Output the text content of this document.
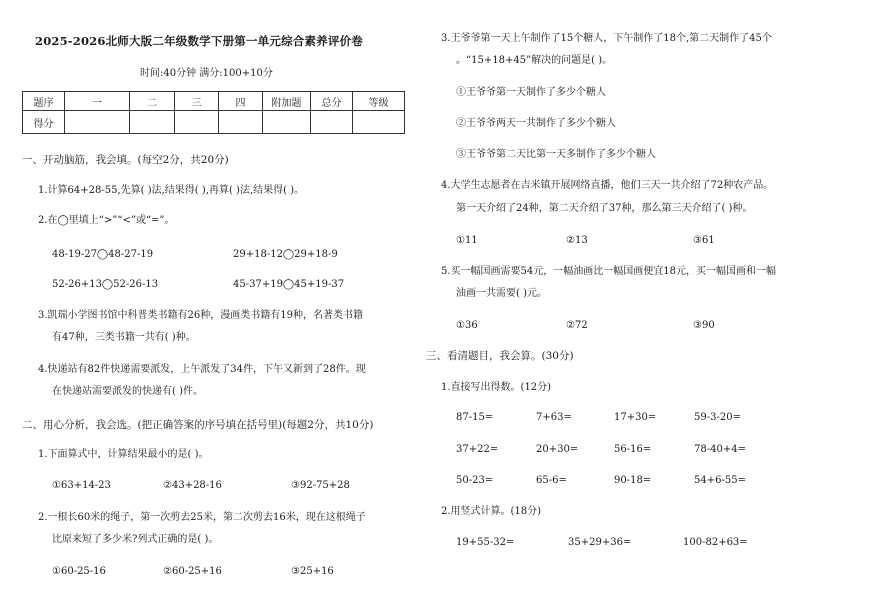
2025-2026北师大版二年级数学下册第一单元综合素养评价卷
时间:40分钟 满分:100+10分
题序	一	二	三	四	附加题	总分	等级
得分							
一、开动脑筋，我会填。(每空2分，共20分)
1.计算64+28-55,先算( )法,结果得( ),再算( )法,结果得( )。
2.在◯里填上“>”“<”或“=”。
48-19-27◯48-27-19	29+18-12◯29+18-9
52-26+13◯52-26-13	45-37+19◯45+19-37
3.凯瑞小学图书馆中科普类书籍有26种，漫画类书籍有19种，名著类书籍
有47种，三类书籍一共有( )种。
4.快递站有82件快递需要派发，上午派发了34件，下午又新到了28件。现
在快递站需要派发的快递有( )件。
二、用心分析，我会选。(把正确答案的序号填在括号里)(每题2分，共10分)
1.下面算式中，计算结果最小的是( )。
①63+14-23	②43+28-16	③92-75+28
2.一根长60米的绳子，第一次剪去25米，第二次剪去16米，现在这根绳子
比原来短了多少米?列式正确的是( )。
①60-25-16	②60-25+16	③25+16
3.王爷爷第一天上午制作了15个糖人，下午制作了18个,第二天制作了45个
。“15+18+45”解决的问题是( )。
①王爷爷第一天制作了多少个糖人
②王爷爷两天一共制作了多少个糖人
③王爷爷第二天比第一天多制作了多少个糖人
4.大学生志愿者在吉米镇开展网络直播，他们三天一共介绍了72种农产品。
第一天介绍了24种，第二天介绍了37种，那么第三天介绍了( )种。
①11	②13	③61
5.买一幅国画需要54元，一幅油画比一幅国画便宜18元，买一幅国画和一幅
油画一共需要( )元。
①36	②72	③90
三、看清题目，我会算。(30分)
1.直接写出得数。(12分)
87-15=	7+63=	17+30=	59-3-20=
37+22=	20+30=	56-16=	78-40+4=
50-23=	65-6=	90-18=	54+6-55=
2.用竖式计算。(18分)
19+55-32=	35+29+36=	100-82+63=
